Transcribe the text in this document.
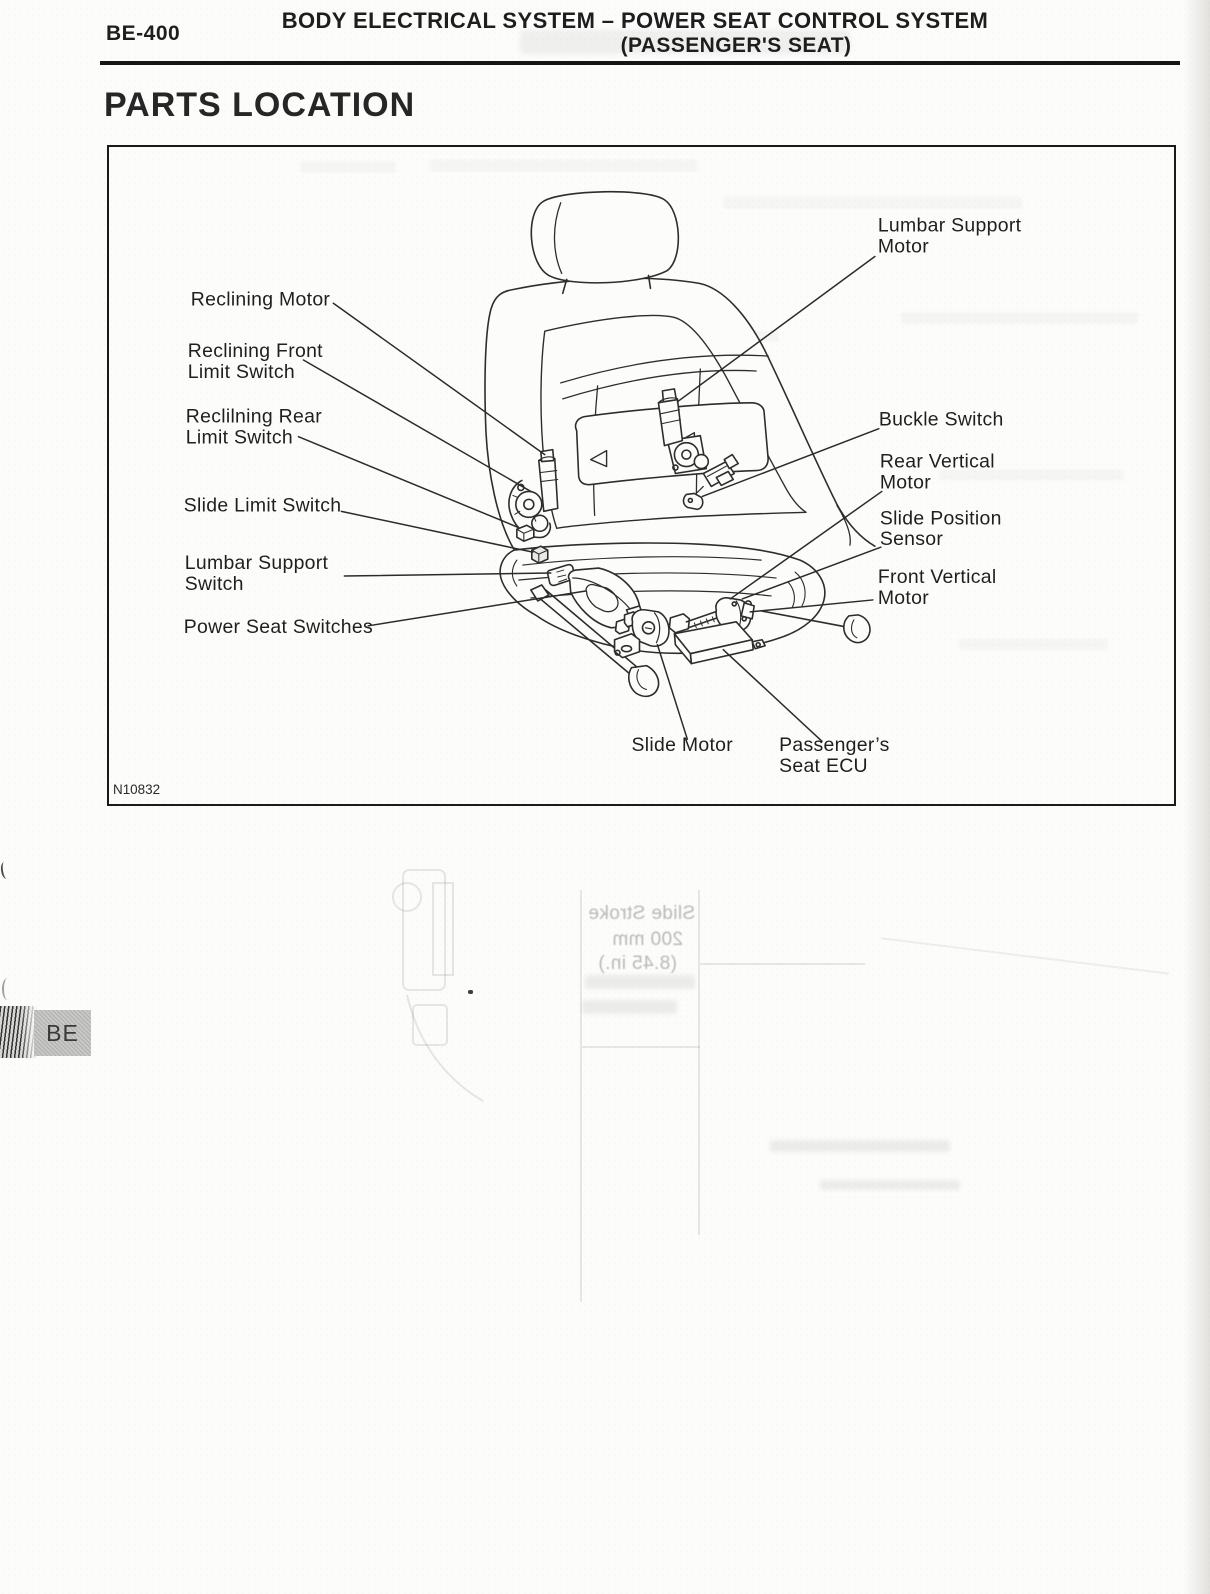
BE-400
BODY ELECTRICAL SYSTEM – POWER SEAT CONTROL SYSTEM
(PASSENGER'S SEAT)
PARTS LOCATION
Reclining Motor
Reclining Front
Limit Switch
Reclilning Rear
Limit Switch
Slide Limit Switch
Lumbar Support
Switch
Power Seat Switches
Lumbar Support
Motor
Buckle Switch
Rear Vertical
Motor
Slide Position
Sensor
Front Vertical
Motor
Slide Motor Passenger’s
Seat ECU
N10832
Slide Stroke
200 mm
(8.45 in.)
BE
